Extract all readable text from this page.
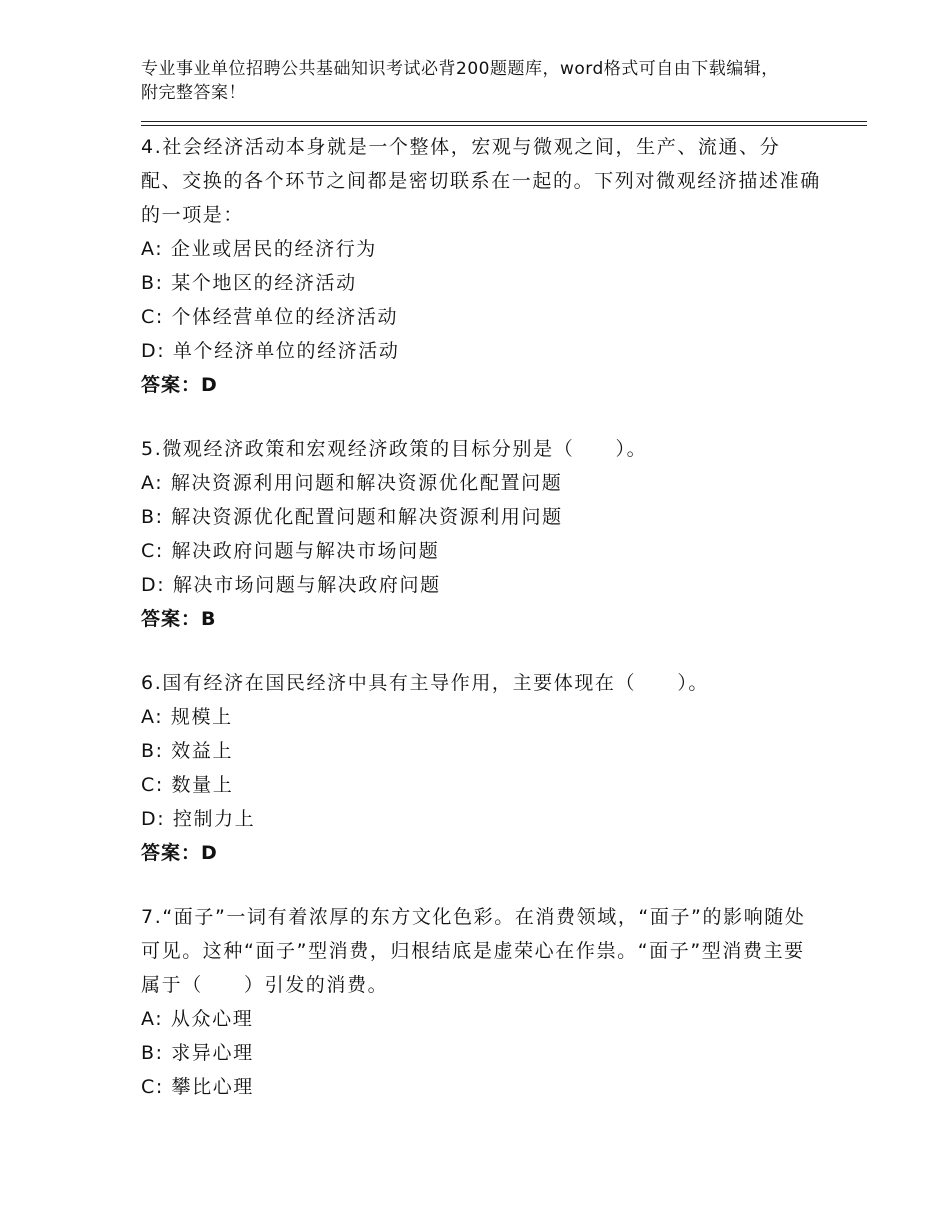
专业事业单位招聘公共基础知识考试必背200题题库，word格式可自由下载编辑，附完整答案！
4.社会经济活动本身就是一个整体，宏观与微观之间，生产、流通、分配、交换的各个环节之间都是密切联系在一起的。下列对微观经济描述准确的一项是：
A: 企业或居民的经济行为
B: 某个地区的经济活动
C: 个体经营单位的经济活动
D: 单个经济单位的经济活动
答案：D
5.微观经济政策和宏观经济政策的目标分别是（　　）。
A: 解决资源利用问题和解决资源优化配置问题
B: 解决资源优化配置问题和解决资源利用问题
C: 解决政府问题与解决市场问题
D: 解决市场问题与解决政府问题
答案：B
6.国有经济在国民经济中具有主导作用，主要体现在（　　）。
A: 规模上
B: 效益上
C: 数量上
D: 控制力上
答案：D
7.“面子”一词有着浓厚的东方文化色彩。在消费领域，“面子”的影响随处可见。这种“面子”型消费，归根结底是虚荣心在作祟。“面子”型消费主要属于（　　）引发的消费。
A: 从众心理
B: 求异心理
C: 攀比心理
